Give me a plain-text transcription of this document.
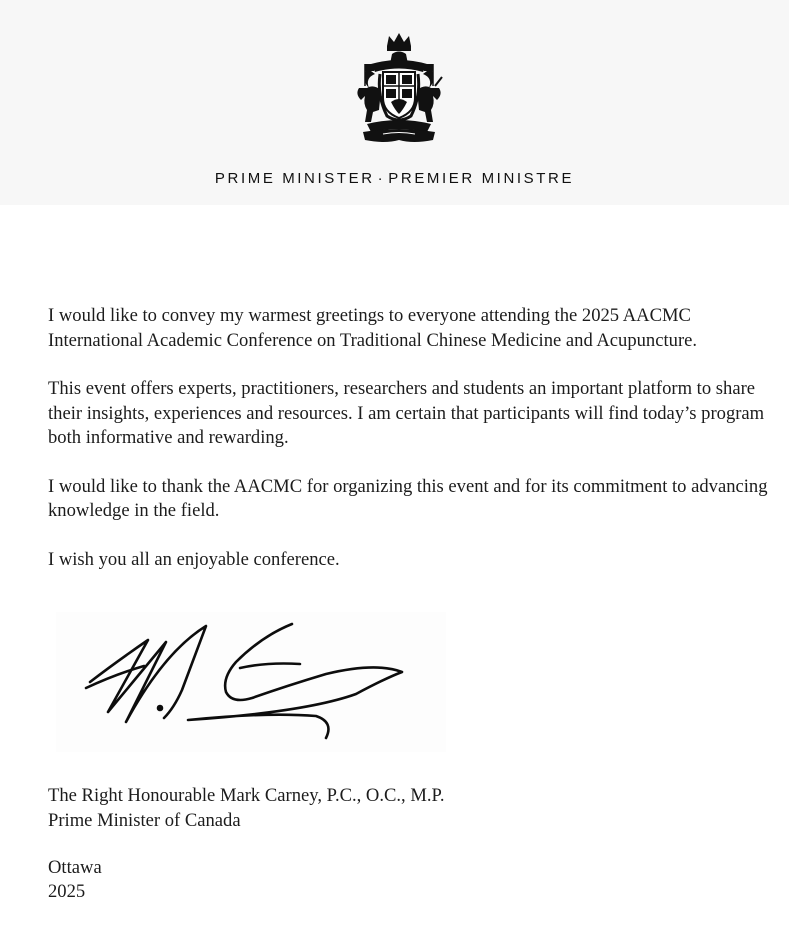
PRIME MINISTER · PREMIER MINISTRE

I would like to convey my warmest greetings to everyone attending the 2025 AACMC International Academic Conference on Traditional Chinese Medicine and Acupuncture.

This event offers experts, practitioners, researchers and students an important platform to share their insights, experiences and resources. I am certain that participants will find today’s program both informative and rewarding.

I would like to thank the AACMC for organizing this event and for its commitment to advancing knowledge in the field.

I wish you all an enjoyable conference.

The Right Honourable Mark Carney, P.C., O.C., M.P.
Prime Minister of Canada
Ottawa
2025
